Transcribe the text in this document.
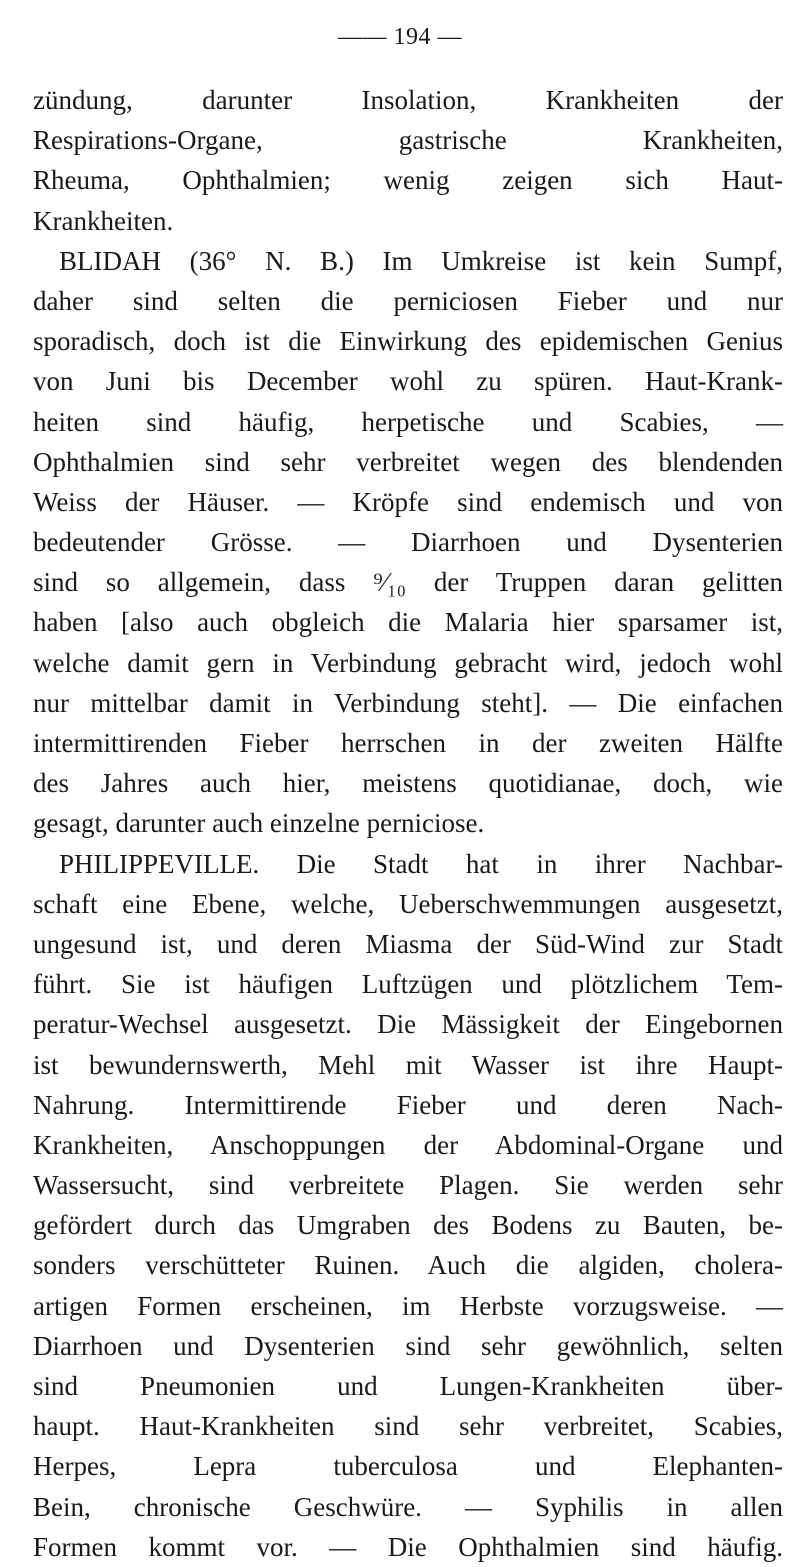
—— 194 —
zündung, darunter Insolation, Krankheiten der
Respirations-Organe, gastrische Krankheiten,
Rheuma, Ophthalmien; wenig zeigen sich Haut-
Krankheiten.
BLIDAH (36° N. B.) Im Umkreise ist kein Sumpf,
daher sind selten die perniciosen Fieber und nur
sporadisch, doch ist die Einwirkung des epidemischen Genius
von Juni bis December wohl zu spüren. Haut-Krank-
heiten sind häufig, herpetische und Scabies, —
Ophthalmien sind sehr verbreitet wegen des blendenden
Weiss der Häuser. — Kröpfe sind endemisch und von
bedeutender Grösse. — Diarrhoen und Dysenterien
sind so allgemein, dass ⁹⁄₁₀ der Truppen daran gelitten
haben [also auch obgleich die Malaria hier sparsamer ist,
welche damit gern in Verbindung gebracht wird, jedoch wohl
nur mittelbar damit in Verbindung steht]. — Die einfachen
intermittirenden Fieber herrschen in der zweiten Hälfte
des Jahres auch hier, meistens quotidianae, doch, wie
gesagt, darunter auch einzelne perniciose.
PHILIPPEVILLE. Die Stadt hat in ihrer Nachbar-
schaft eine Ebene, welche, Ueberschwemmungen ausgesetzt,
ungesund ist, und deren Miasma der Süd-Wind zur Stadt
führt. Sie ist häufigen Luftzügen und plötzlichem Tem-
peratur-Wechsel ausgesetzt. Die Mässigkeit der Eingebornen
ist bewundernswerth, Mehl mit Wasser ist ihre Haupt-
Nahrung. Intermittirende Fieber und deren Nach-
Krankheiten, Anschoppungen der Abdominal-Organe und
Wassersucht, sind verbreitete Plagen. Sie werden sehr
gefördert durch das Umgraben des Bodens zu Bauten, be-
sonders verschütteter Ruinen. Auch die algiden, cholera-
artigen Formen erscheinen, im Herbste vorzugsweise. —
Diarrhoen und Dysenterien sind sehr gewöhnlich, selten
sind Pneumonien und Lungen-Krankheiten über-
haupt. Haut-Krankheiten sind sehr verbreitet, Scabies,
Herpes, Lepra tuberculosa und Elephanten-
Bein, chronische Geschwüre. — Syphilis in allen
Formen kommt vor. — Die Ophthalmien sind häufig.
